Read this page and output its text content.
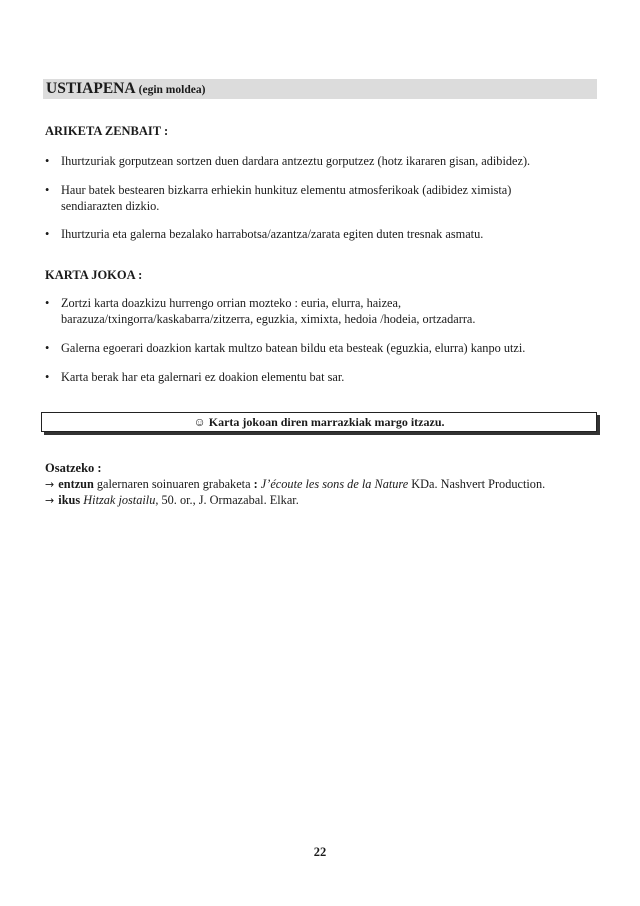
USTIAPENA (egin moldea)
ARIKETA ZENBAIT :
• Ihurtzuriak gorputzean sortzen duen dardara antzeztu gorputzez (hotz ikararen gisan, adibidez).
• Haur batek bestearen bizkarra erhiekin hunkituz elementu atmosferikoak (adibidez ximista)
sendiarazten dizkio.
• Ihurtzuria eta galerna bezalako harrabotsa/azantza/zarata egiten duten tresnak asmatu.
KARTA JOKOA :
• Zortzi karta doazkizu hurrengo orrian mozteko : euria, elurra, haizea,
barazuza/txingorra/kaskabarra/zitzerra, eguzkia, ximixta, hedoia /hodeia, ortzadarra.
• Galerna egoerari doazkion kartak multzo batean bildu eta besteak (eguzkia, elurra) kanpo utzi.
• Karta berak har eta galernari ez doakion elementu bat sar.
☺ Karta jokoan diren marrazkiak margo itzazu.
Osatzeko :
→ entzun galernaren soinuaren grabaketa : J’écoute les sons de la Nature KDa. Nashvert Production.
→ ikus Hitzak jostailu, 50. or., J. Ormazabal. Elkar.
22
